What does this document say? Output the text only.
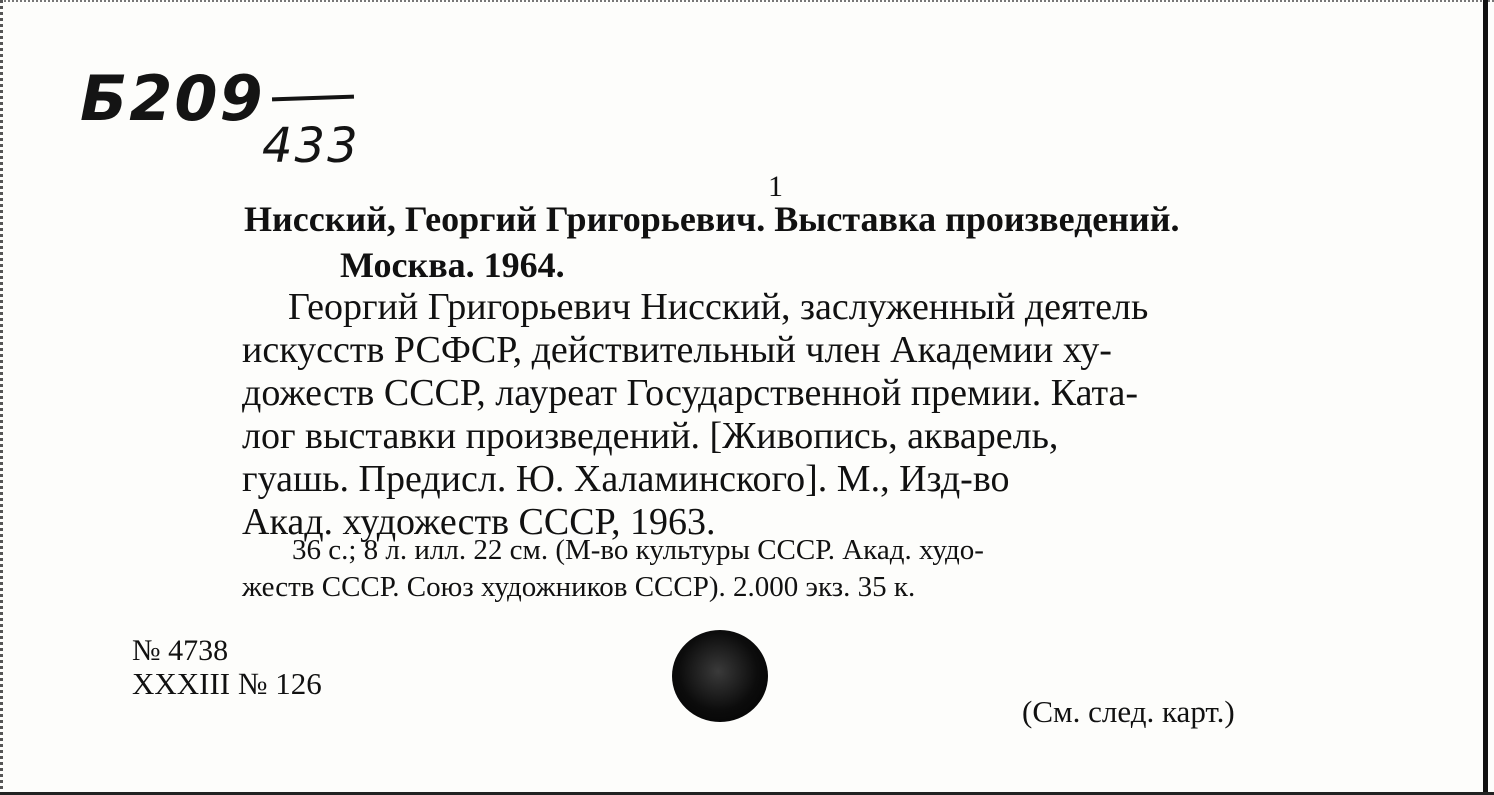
Б209
433
1
Нисский, Георгий Григорьевич. Выставка произведений.
Москва. 1964.

Георгий Григорьевич Нисский, заслуженный деятель
искусств РСФСР, действительный член Академии ху-
дожеств СССР, лауреат Государственной премии. Ката-
лог выставки произведений. [Живопись, акварель,
гуашь. Предисл. Ю. Халаминского]. М., Изд-во
Акад. художеств СССР, 1963.

36 с.; 8 л. илл. 22 см. (М-во культуры СССР. Акад. худо-
жеств СССР. Союз художников СССР). 2.000 экз. 35 к.

№ 4738
XXXIII № 126
(См. след. карт.)
